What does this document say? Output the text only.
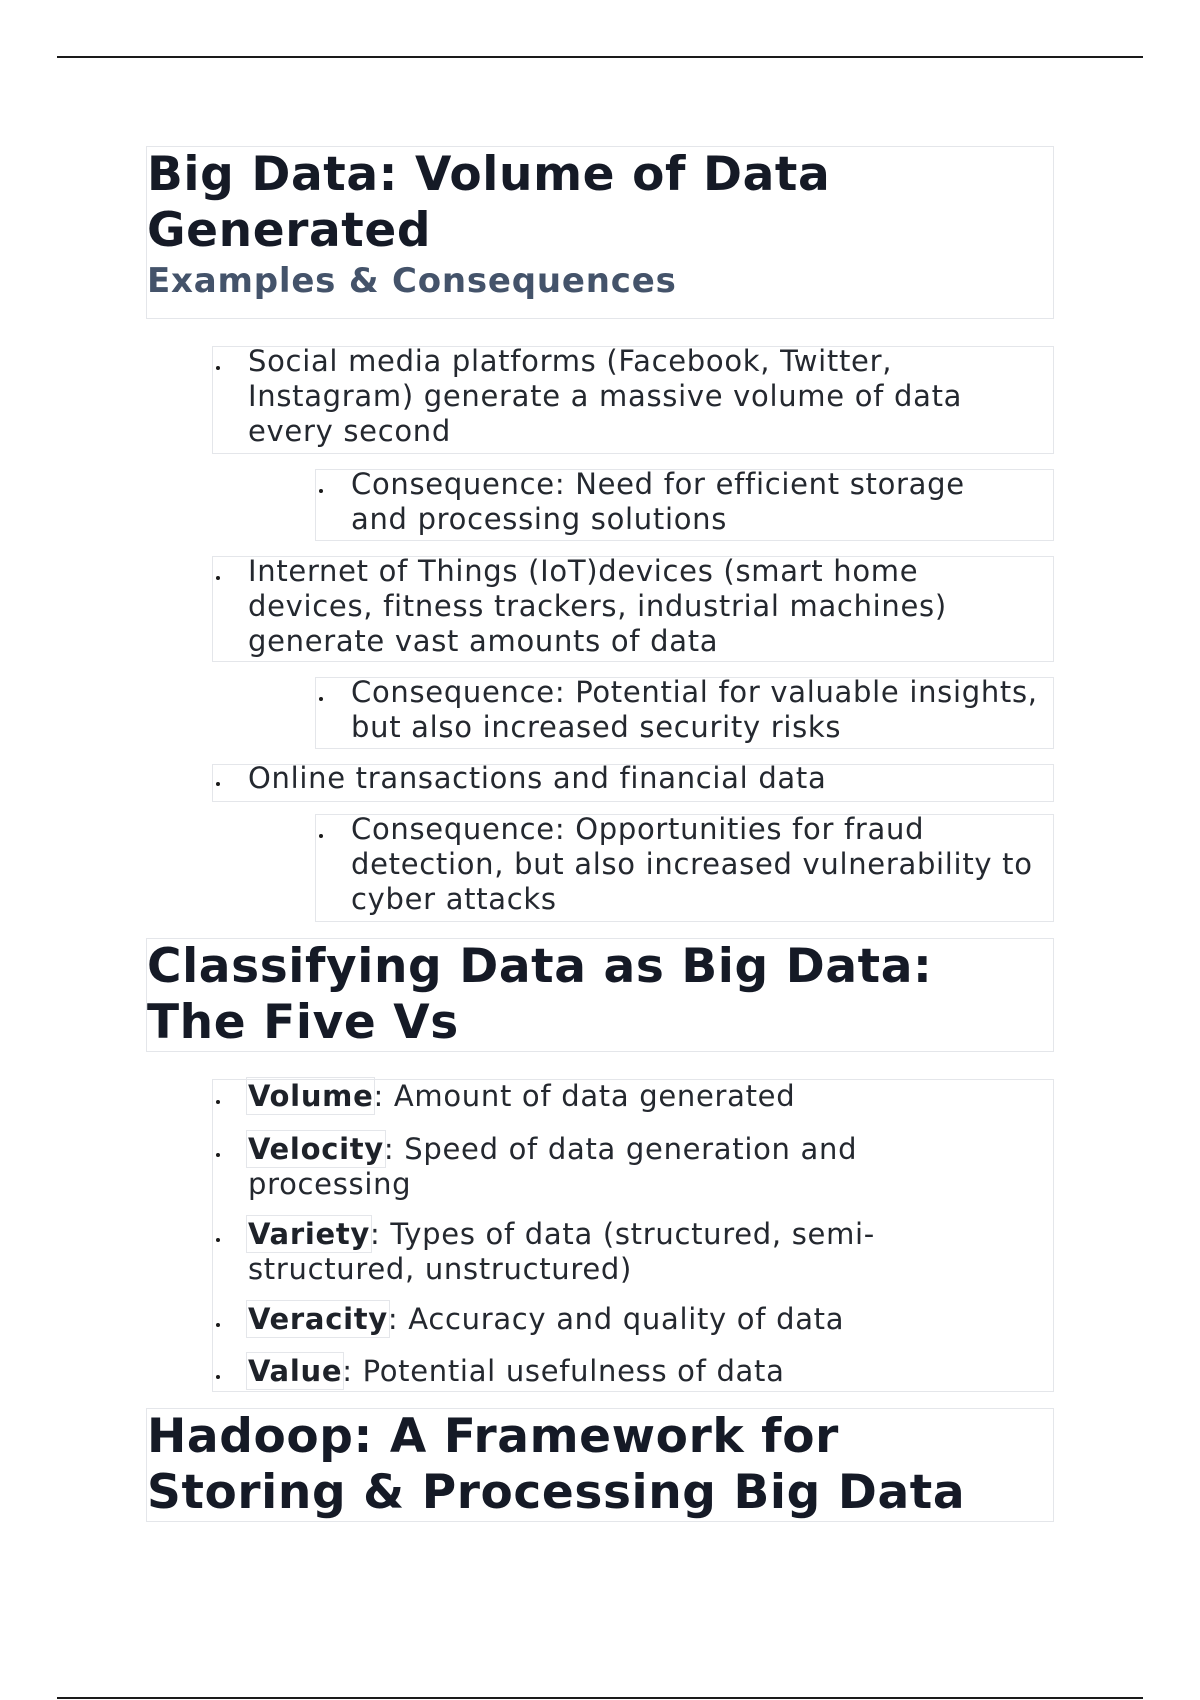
Big Data: Volume of Data Generated
Examples & Consequences
Social media platforms (Facebook, Twitter, Instagram) generate a massive volume of data every second
Consequence: Need for efficient storage and processing solutions
Internet of Things (IoT)devices (smart home devices, fitness trackers, industrial machines) generate vast amounts of data
Consequence: Potential for valuable insights, but also increased security risks
Online transactions and financial data
Consequence: Opportunities for fraud detection, but also increased vulnerability to cyber attacks
Classifying Data as Big Data: The Five Vs
Volume: Amount of data generated
Velocity: Speed of data generation and processing
Variety: Types of data (structured, semi-structured, unstructured)
Veracity: Accuracy and quality of data
Value: Potential usefulness of data
Hadoop: A Framework for Storing & Processing Big Data
